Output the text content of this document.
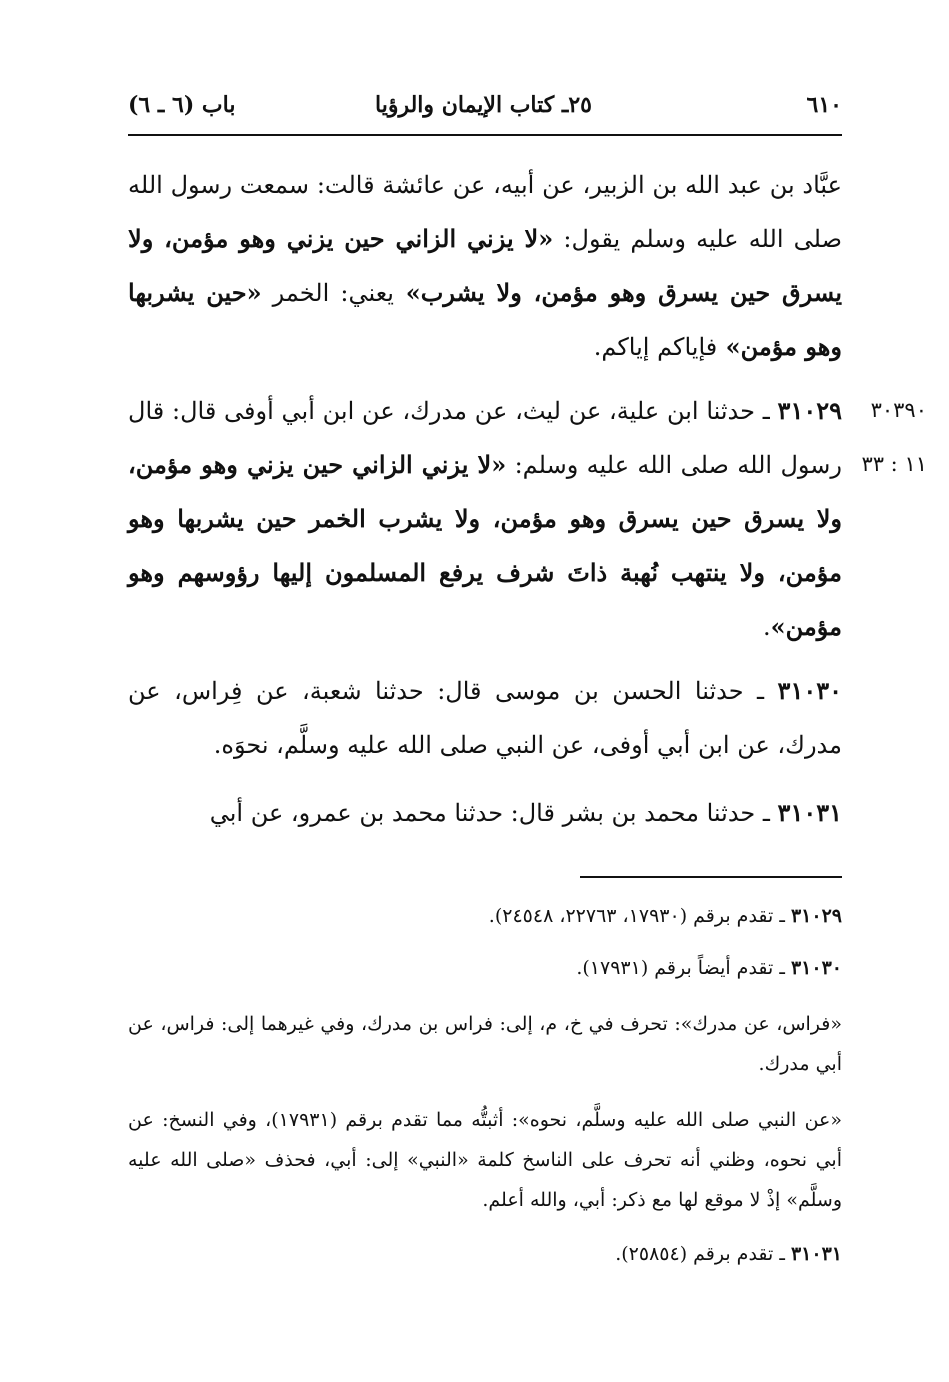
٦١٠
٢٥ـ كتاب الإيمان والرؤيا
باب (٦ ـ ٦)
عبَّاد بن عبد الله بن الزبير، عن أبيه، عن عائشة قالت: سمعت رسول الله صلى الله عليه وسلم يقول: «لا يزني الزاني حين يزني وهو مؤمن، ولا يسرق حين يسرق وهو مؤمن، ولا يشرب» يعني: الخمر «حين يشربها وهو مؤمن» فإياكم إياكم.
٣٠٣٩٠
١١ : ٣٣
٣١٠٢٩ ـ حدثنا ابن علية، عن ليث، عن مدرك، عن ابن أبي أوفى قال: قال رسول الله صلى الله عليه وسلم: «لا يزني الزاني حين يزني وهو مؤمن، ولا يسرق حين يسرق وهو مؤمن، ولا يشرب الخمر حين يشربها وهو مؤمن، ولا ينتهب نُهبة ذاتَ شرف يرفع المسلمون إليها رؤوسهم وهو مؤمن».
٣١٠٣٠ ـ حدثنا الحسن بن موسى قال: حدثنا شعبة، عن فِراس، عن مدرك، عن ابن أبي أوفى، عن النبي صلى الله عليه وسلَّم، نحوَه.
٣١٠٣١ ـ حدثنا محمد بن بشر قال: حدثنا محمد بن عمرو، عن أبي
٣١٠٢٩ ـ تقدم برقم (١٧٩٣٠، ٢٢٧٦٣، ٢٤٥٤٨).
٣١٠٣٠ ـ تقدم أيضاً برقم (١٧٩٣١).
«فراس، عن مدرك»: تحرف في خ، م، إلى: فراس بن مدرك، وفي غيرهما إلى: فراس، عن أبي مدرك.
«عن النبي صلى الله عليه وسلَّم، نحوه»: أثبتُّه مما تقدم برقم (١٧٩٣١)، وفي النسخ: عن أبي نحوه، وظني أنه تحرف على الناسخ كلمة «النبي» إلى: أبي، فحذف «صلى الله عليه وسلَّم» إذْ لا موقع لها مع ذكر: أبي، والله أعلم.
٣١٠٣١ ـ تقدم برقم (٢٥٨٥٤).
